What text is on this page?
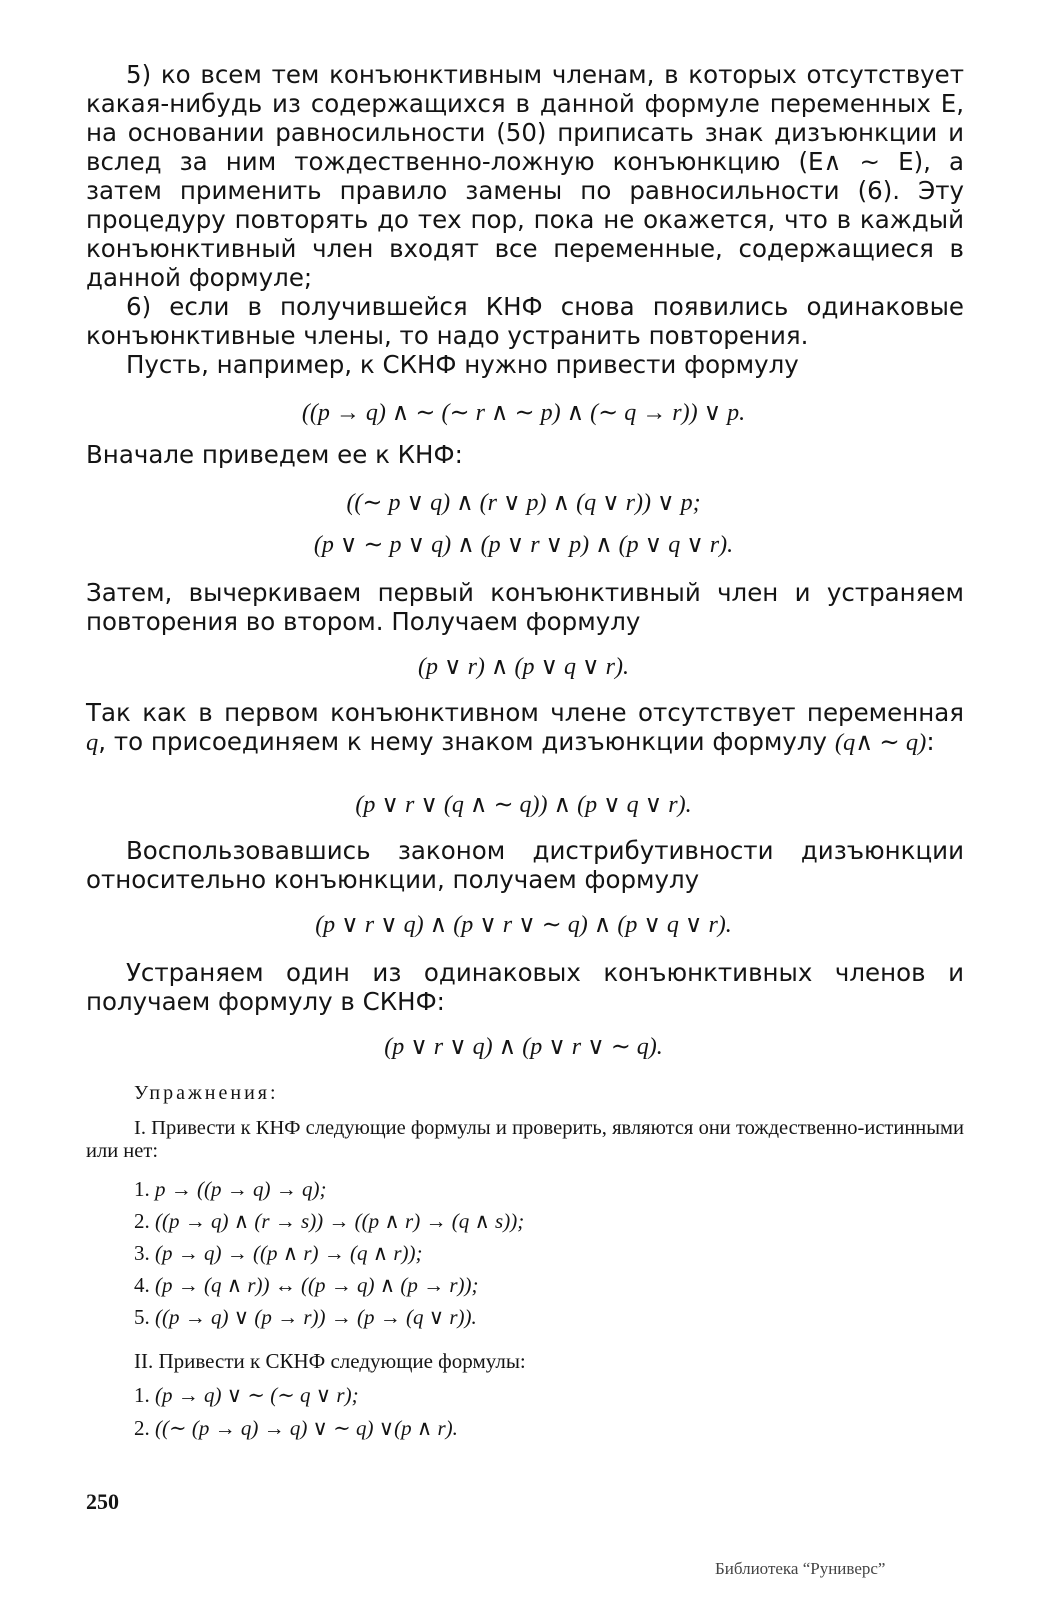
5) ко всем тем конъюнктивным членам, в которых отсутствует какая-нибудь из содержащихся в данной формуле переменных E, на основании равносильности (50) приписать знак дизъюнкции и вслед за ним тождественно-ложную конъюнкцию (E∧ ∼ E), а затем применить правило замены по равносильности (6). Эту процедуру повторять до тех пор, пока не окажется, что в каждый конъюнктивный член входят все переменные, содержащиеся в данной формуле;

6) если в получившейся КНФ снова появились одинаковые конъюнктивные члены, то надо устранить повторения.

Пусть, например, к СКНФ нужно привести формулу

((p → q) ∧ ∼ (∼ r ∧ ∼ p) ∧ (∼ q → r)) ∨ p.

Вначале приведем ее к КНФ:

((∼ p ∨ q) ∧ (r ∨ p) ∧ (q ∨ r)) ∨ p;
(p ∨ ∼ p ∨ q) ∧ (p ∨ r ∨ p) ∧ (p ∨ q ∨ r).

Затем, вычеркиваем первый конъюнктивный член и устраняем повторения во втором. Получаем формулу

(p ∨ r) ∧ (p ∨ q ∨ r).

Так как в первом конъюнктивном члене отсутствует переменная q, то присоединяем к нему знаком дизъюнкции формулу (q∧ ∼ q):

(p ∨ r ∨ (q ∧ ∼ q)) ∧ (p ∨ q ∨ r).

Воспользовавшись законом дистрибутивности дизъюнкции относительно конъюнкции, получаем формулу

(p ∨ r ∨ q) ∧ (p ∨ r ∨ ∼ q) ∧ (p ∨ q ∨ r).

Устраняем один из одинаковых конъюнктивных членов и получаем формулу в СКНФ:

(p ∨ r ∨ q) ∧ (p ∨ r ∨ ∼ q).
Упражнения:

I. Привести к КНФ следующие формулы и проверить, являются они тождественно-истинными или нет:

1. p → ((p → q) → q);
2. ((p → q) ∧ (r → s)) → ((p ∧ r) → (q ∧ s));
3. (p → q) → ((p ∧ r) → (q ∧ r));
4. (p → (q ∧ r)) ↔ ((p → q) ∧ (p → r));
5. ((p → q) ∨ (p → r)) → (p → (q ∨ r)).
II. Привести к СКНФ следующие формулы:
1. (p → q) ∨ ∼ (∼ q ∨ r);
2. ((∼ (p → q) → q) ∨ ∼ q) ∨(p ∧ r).
250
Библиотека “Руниверс”
